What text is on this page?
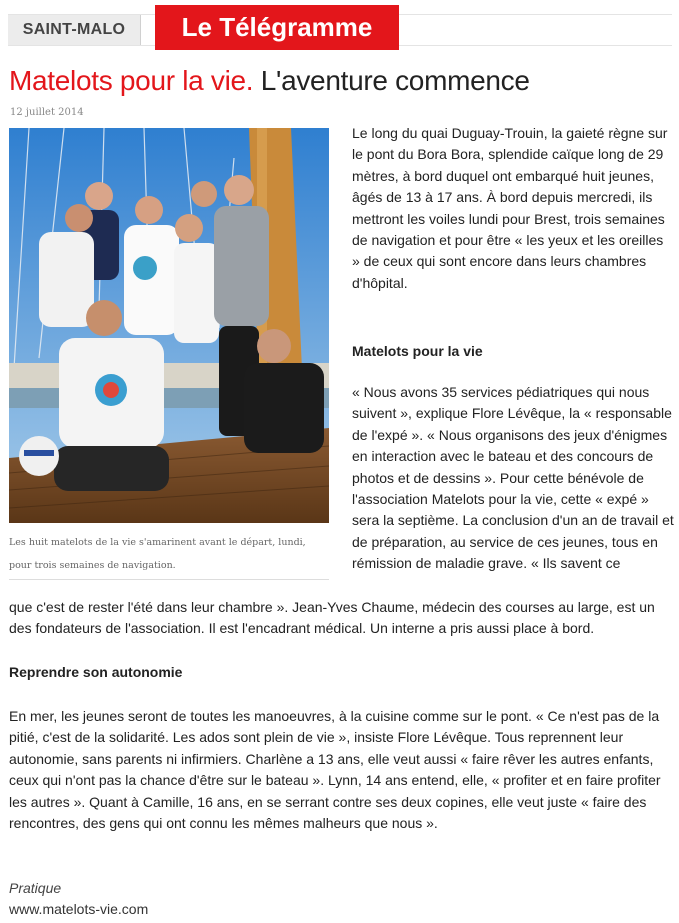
SAINT-MALO	Le Télégramme
Matelots pour la vie. L'aventure commence
12 juillet 2014

Les huit matelots de la vie s'amarinent avant le départ, lundi, pour trois semaines de navigation.

Le long du quai Duguay-Trouin, la gaieté règne sur le pont du Bora Bora, splendide caïque long de 29 mètres, à bord duquel ont embarqué huit jeunes, âgés de 13 à 17 ans. À bord depuis mercredi, ils mettront les voiles lundi pour Brest, trois semaines de navigation et pour être « les yeux et les oreilles » de ceux qui sont encore dans leurs chambres d'hôpital.

Matelots pour la vie

« Nous avons 35 services pédiatriques qui nous suivent », explique Flore Lévêque, la « responsable de l'expé ». « Nous organisons des jeux d'énigmes en interaction avec le bateau et des concours de photos et de dessins ». Pour cette bénévole de l'association Matelots pour la vie, cette « expé » sera la septième. La conclusion d'un an de travail et de préparation, au service de ces jeunes, tous en rémission de maladie grave. « Ils savent ce

que c'est de rester l'été dans leur chambre ». Jean-Yves Chaume, médecin des courses au large, est un des fondateurs de l'association. Il est l'encadrant médical. Un interne a pris aussi place à bord.

Reprendre son autonomie

En mer, les jeunes seront de toutes les manoeuvres, à la cuisine comme sur le pont. « Ce n'est pas de la pitié, c'est de la solidarité. Les ados sont plein de vie », insiste Flore Lévêque. Tous reprennent leur autonomie, sans parents ni infirmiers. Charlène a 13 ans, elle veut aussi « faire rêver les autres enfants, ceux qui n'ont pas la chance d'être sur le bateau ». Lynn, 14 ans entend, elle, « profiter et en faire profiter les autres ». Quant à Camille, 16 ans, en se serrant contre ses deux copines, elle veut juste « faire des rencontres, des gens qui ont connu les mêmes malheurs que nous ».

Pratique

www.matelots-vie.com
